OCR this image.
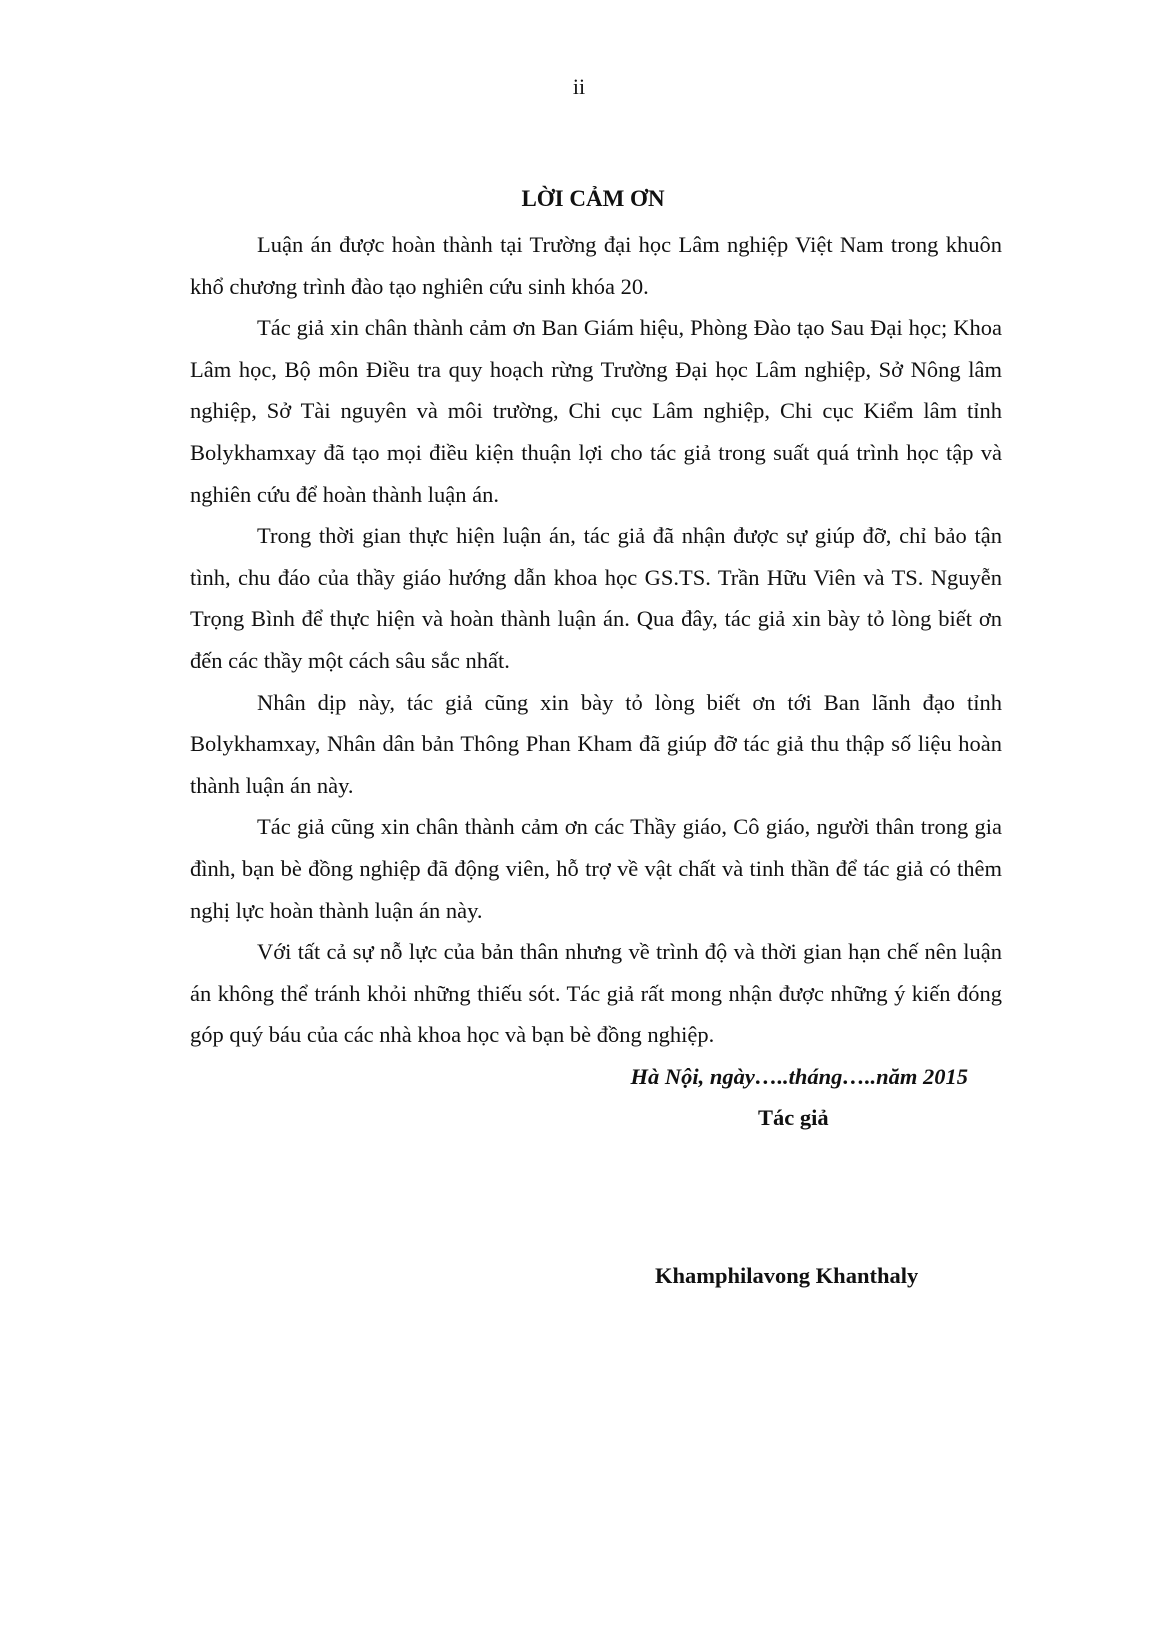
ii
LỜI CẢM ƠN

Luận án được hoàn thành tại Trường đại học Lâm nghiệp Việt Nam trong khuôn khổ chương trình đào tạo nghiên cứu sinh khóa 20.

Tác giả xin chân thành cảm ơn Ban Giám hiệu, Phòng Đào tạo Sau Đại học; Khoa Lâm học, Bộ môn Điều tra quy hoạch rừng Trường Đại học Lâm nghiệp, Sở Nông lâm nghiệp, Sở Tài nguyên và môi trường, Chi cục Lâm nghiệp, Chi cục Kiểm lâm tỉnh Bolykhamxay đã tạo mọi điều kiện thuận lợi cho tác giả trong suất quá trình học tập và nghiên cứu để hoàn thành luận án.

Trong thời gian thực hiện luận án, tác giả đã nhận được sự giúp đỡ, chỉ bảo tận tình, chu đáo của thầy giáo hướng dẫn khoa học GS.TS. Trần Hữu Viên và TS. Nguyễn Trọng Bình để thực hiện và hoàn thành luận án. Qua đây, tác giả xin bày tỏ lòng biết ơn đến các thầy một cách sâu sắc nhất.

Nhân dịp này, tác giả cũng xin bày tỏ lòng biết ơn tới Ban lãnh đạo tỉnh Bolykhamxay, Nhân dân bản Thông Phan Kham đã giúp đỡ tác giả thu thập số liệu hoàn thành luận án này.

Tác giả cũng xin chân thành cảm ơn các Thầy giáo, Cô giáo, người thân trong gia đình, bạn bè đồng nghiệp đã động viên, hỗ trợ về vật chất và tinh thần để tác giả có thêm nghị lực hoàn thành luận án này.

Với tất cả sự nỗ lực của bản thân nhưng về trình độ và thời gian hạn chế nên luận án không thể tránh khỏi những thiếu sót. Tác giả rất mong nhận được những ý kiến đóng góp quý báu của các nhà khoa học và bạn bè đồng nghiệp.

Hà Nội, ngày…..tháng…..năm 2015
Tác giả
Khamphilavong Khanthaly
